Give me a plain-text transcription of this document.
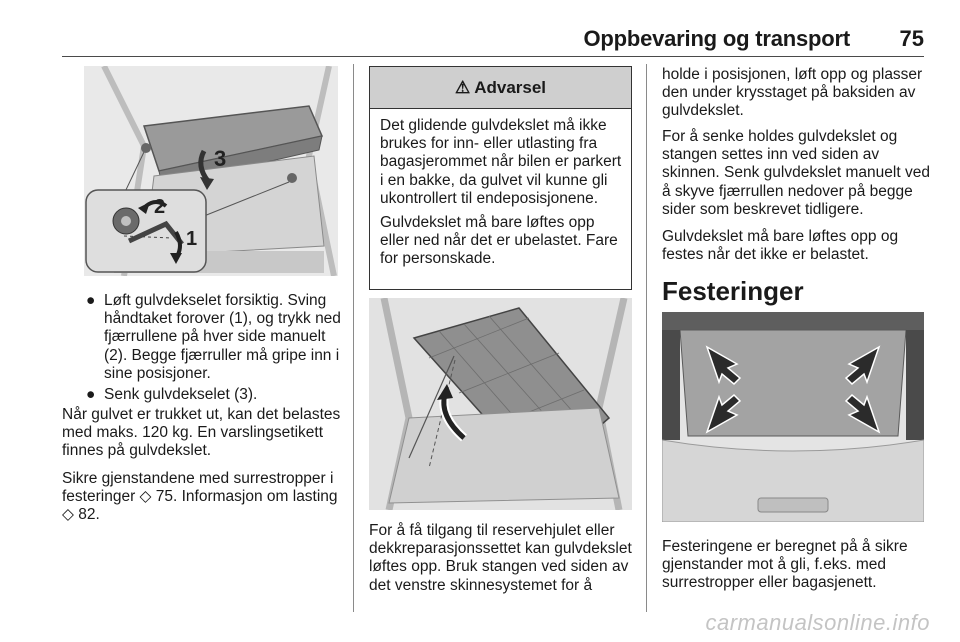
Oppbevaring og transport 75
3
2
1
● Løft gulvdekselet forsiktig. Sving håndtaket forover (1), og trykk ned fjærrullene på hver side manuelt (2). Begge fjærruller må gripe inn i sine posisjoner.
● Senk gulvdekselet (3).
Når gulvet er trukket ut, kan det belastes med maks. 120 kg. En varslingsetikett finnes på gulvdekslet.
Sikre gjenstandene med surrestropper i festeringer ◇ 75. Informasjon om lasting ◇ 82.
⚠ Advarsel

Det glidende gulvdekslet må ikke brukes for inn- eller utlasting fra bagasjerommet når bilen er parkert i en bakke, da gulvet vil kunne gli ukontrollert til endeposisjonene.

Gulvdekslet må bare løftes opp eller ned når det er ubelastet. Fare for personskade.

For å få tilgang til reservehjulet eller dekkreparasjonssettet kan gulvdekslet løftes opp. Bruk stangen ved siden av det venstre skinnesystemet for å
holde i posisjonen, løft opp og plasser den under krysstaget på baksiden av gulvdekslet.
For å senke holdes gulvdekslet og stangen settes inn ved siden av skinnen. Senk gulvdekslet manuelt ved å skyve fjærrullen nedover på begge sider som beskrevet tidligere.
Gulvdekslet må bare løftes opp og festes når det ikke er belastet.
Festeringer
Festeringene er beregnet på å sikre gjenstander mot å gli, f.eks. med surrestropper eller bagasjenett.
carmanualsonline.info
